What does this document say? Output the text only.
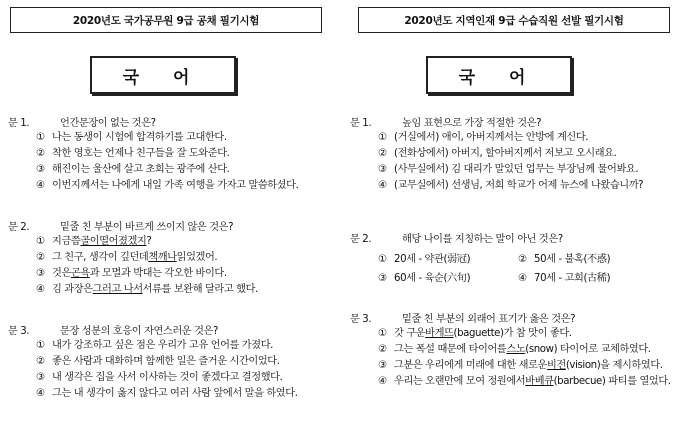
2020년도 국가공무원 9급 공채 필기시험
국 어
문 1.	언간문장이 없는 것은?
① 나는 동생이 시험에 합격하기를 고대한다.
② 착한 영호는 언제나 친구들을 잘 도와준다.
③ 해진이는 울산에 살고 초희는 광주에 산다.
④ 이번지께서는 나에게 내일 가족 여행을 가자고 말씀하셨다.
문 2.	밑줄 친 부분이 바르게 쓰이지 않은 것은?
① 지금쯤 골이떨어졌겠지 ?
② 그 친구, 생각이 깊던데 책깨나 읽었겠어.
③ 것은 곤욕 과 모멸과 박대는 각오한 바이다.
④ 김 과장은 그러고 나서 서류를 보완해 달라고 했다.
문 3.	문장 성분의 호응이 자연스러운 것은?
① 내가 강조하고 싶은 점은 우리가 고유 언어를 가졌다.
② 좋은 사람과 대화하며 함께한 일은 즐거운 시간이었다.
③ 내 생각은 집을 사서 이사하는 것이 좋겠다고 결정했다.
④ 그는 내 생각이 옳지 않다고 여러 사람 앞에서 말을 하였다.
2020년도 지역인재 9급 수습직원 선발 필기시험
국 어
문 1.	높임 표현으로 가장 적절한 것은?
① (거실에서) 애이, 아버지께서는 안방에 계신다.
② (전화상에서) 아버지, 할아버지께서 저보고 오시래요.
③ (사무실에서) 김 대리가 말있던 업무는 부장님께 물어봐요.
④ (교무실에서) 선생님, 저희 학교가 어제 뉴스에 나왔습니까?
문 2.	해당 나이를 지칭하는 말이 아닌 것은?
① 20세 - 약관(弱冠)	② 50세 - 불혹(不惑)
③ 60세 - 육순(六旬)	④ 70세 - 고희(古稀)
문 3.	밑줄 친 부분의 외래어 표기가 옳은 것은?
① 갓 구운 바게뜨 (baguette)가 참 맛이 좋다.
② 그는 폭설 때문에 타이어를 스노 (snow) 타이어로 교체하였다.
③ 그분은 우리에게 미래에 대한 새로운 비전 (vision)을 제시하였다.
④ 우리는 오랜만에 모여 정원에서 바베큐 (barbecue) 파티를 열었다.
